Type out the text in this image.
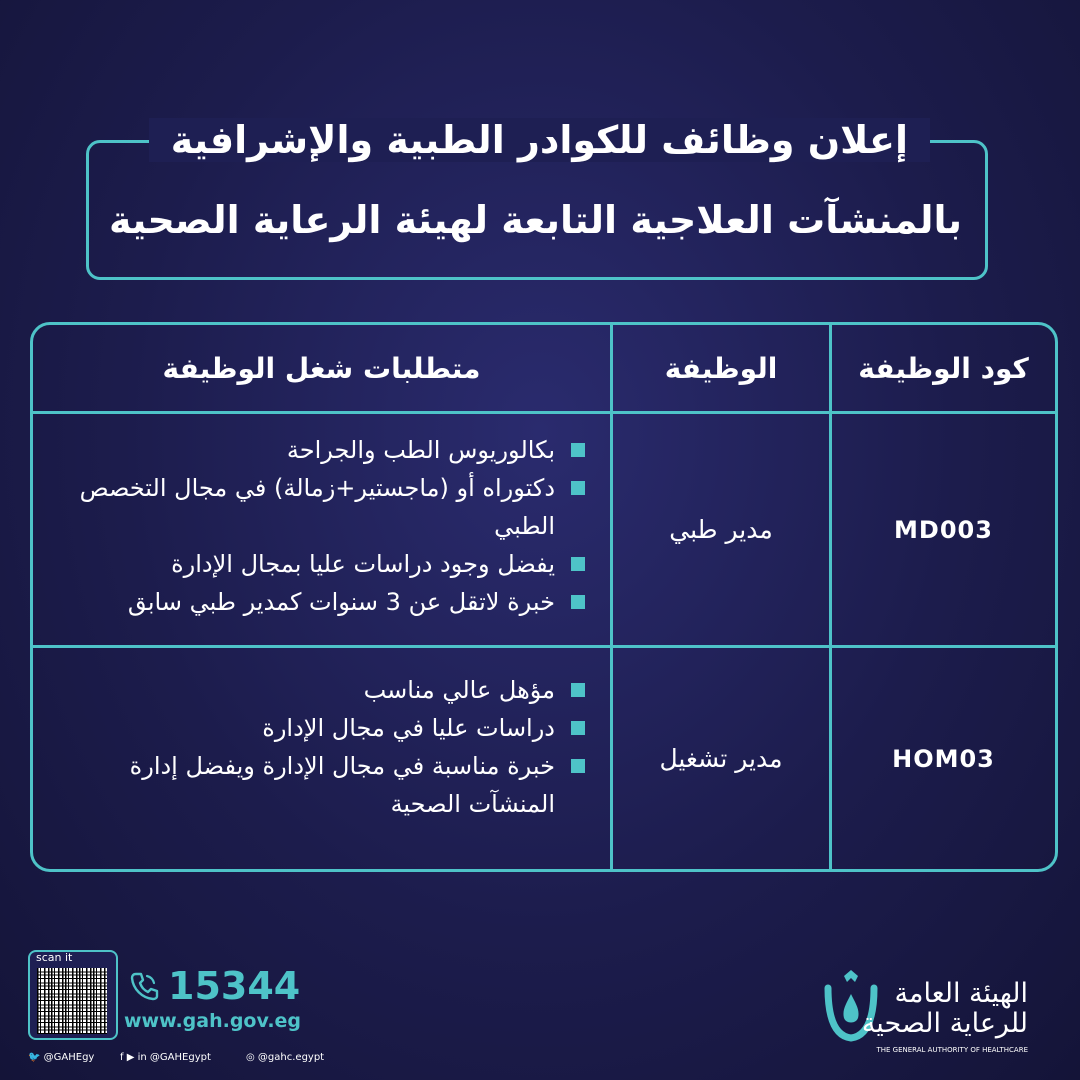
إعلان وظائف للكوادر الطبية والإشرافية
بالمنشآت العلاجية التابعة لهيئة الرعاية الصحية
كود الوظيفة
الوظيفة
متطلبات شغل الوظيفة
MD003
مدير طبي
بكالوريوس الطب والجراحة
دكتوراه أو (ماجستير+زمالة) في مجال التخصص الطبي
يفضل وجود دراسات عليا بمجال الإدارة
خبرة لاتقل عن 3 سنوات كمدير طبي سابق
HOM03
مدير تشغيل
مؤهل عالي مناسب
دراسات عليا في مجال الإدارة
خبرة مناسبة في مجال الإدارة ويفضل إدارة المنشآت الصحية
scan it
15344
www.gah.gov.eg
🐦 @GAHEgy	f ▶ in @GAHEgypt	◎ @gahc.egypt
الهيئة العامة
للرعاية الصحية
THE GENERAL AUTHORITY OF HEALTHCARE
